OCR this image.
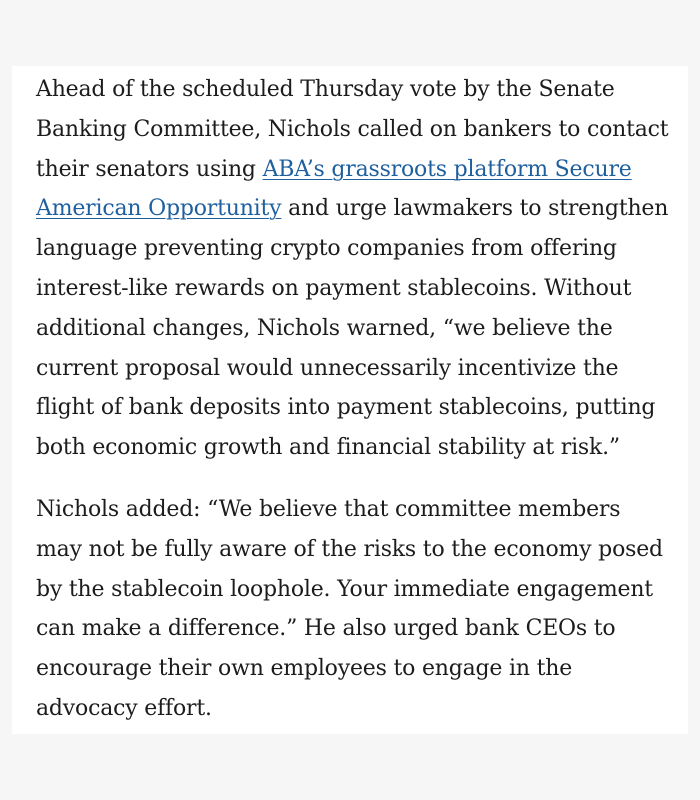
Ahead of the scheduled Thursday vote by the Senate Banking Committee, Nichols called on bankers to contact their senators using ABA’s grassroots platform Secure American Opportunity and urge lawmakers to strengthen language preventing crypto companies from offering interest-like rewards on payment stablecoins. Without additional changes, Nichols warned, “we believe the current proposal would unnecessarily incentivize the flight of bank deposits into payment stablecoins, putting both economic growth and financial stability at risk.”

Nichols added: “We believe that committee members may not be fully aware of the risks to the economy posed by the stablecoin loophole. Your immediate engagement can make a difference.” He also urged bank CEOs to encourage their own employees to engage in the advocacy effort.
